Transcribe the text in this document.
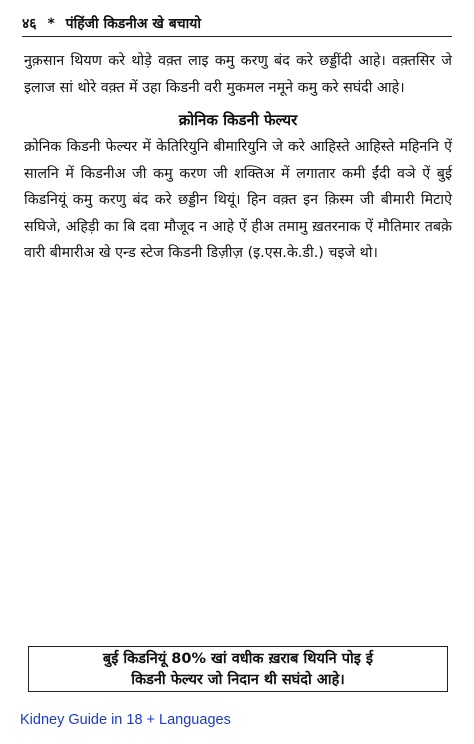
४६ * पंहिंजी किडनीअ खे बचायो

नुक़सान थियण करे थोड़े वक़्त लाइ कमु करणु बंद करे छड्डींदी आहे। वक़्तसिर जे इलाज सां थोरे वक़्त में उहा किडनी वरी मुकमल नमूने कमु करे सघंदी आहे।

क्रोनिक किडनी फेल्यर

क्रोनिक किडनी फेल्यर में केतिरियुनि बीमारियुनि जे करे आहिस्ते आहिस्ते महिननि ऐं सालनि में किडनीअ जी कमु करण जी शक्तिअ में लगातार कमी ईंदी वञे ऐं बुई किडनियूं कमु करणु बंद करे छड्डीन थियूं। हिन वक़्त इन क़िस्म जी बीमारी मिटाऐ सघिजे, अहिड़ी का बि दवा मौजूद न आहे ऐं हीअ तमामु ख़तरनाक ऐं मौतिमार तबक़े वारी बीमारीअ खे एन्ड स्टेज किडनी डिज़ीज़ (इ.एस.के.डी.) चइजे थो।

बुई किडनियूं 80% खां वधीक ख़राब थियनि पोइ ई
किडनी फेल्यर जो निदान थी सघंदो आहे।
Kidney Guide in 18 + Languages
